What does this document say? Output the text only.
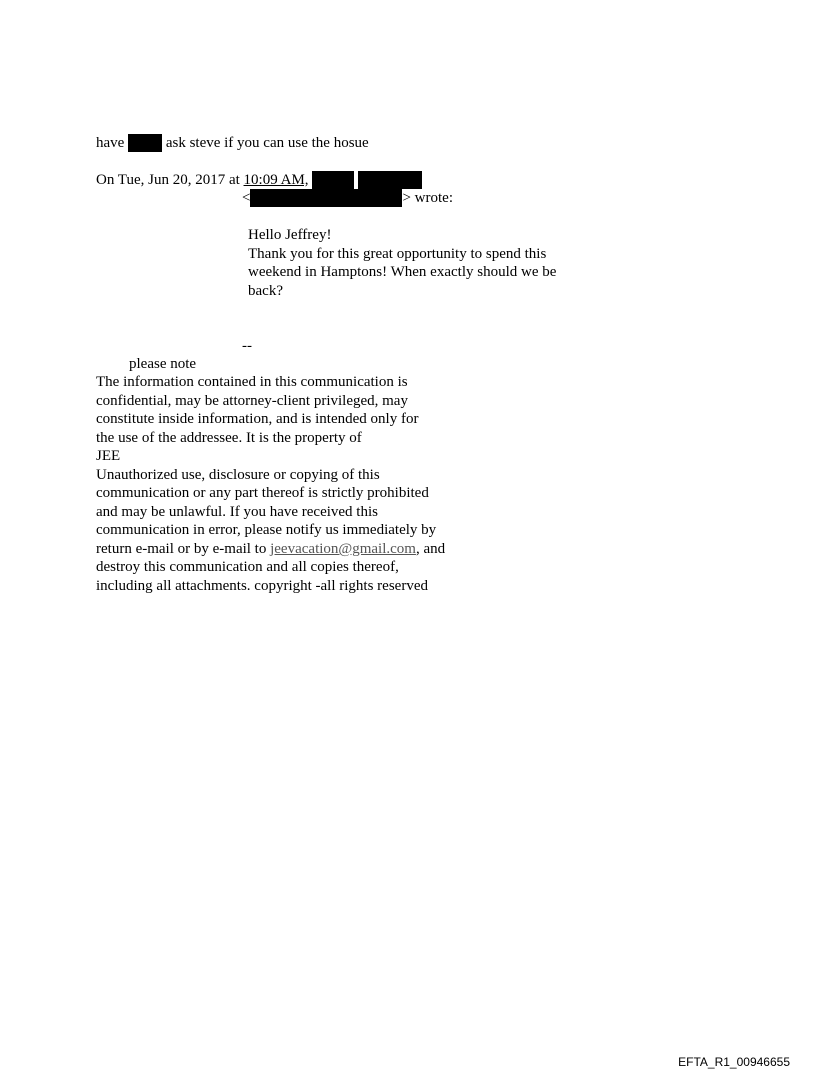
have	ask steve if you can use the hosue
On Tue, Jun 20, 2017 at 10:09 AM,
<	> wrote:
Hello Jeffrey!
Thank you for this great opportunity to spend this
weekend in Hamptons! When exactly should we be
back?
--
please note
The information contained in this communication is
confidential, may be attorney-client privileged, may
constitute inside information, and is intended only for
the use of the addressee. It is the property of
JEE
Unauthorized use, disclosure or copying of this
communication or any part thereof is strictly prohibited
and may be unlawful. If you have received this
communication in error, please notify us immediately by
return e-mail or by e-mail to jeevacation@gmail.com, and
destroy this communication and all copies thereof,
including all attachments. copyright -all rights reserved
EFTA_R1_00946655
